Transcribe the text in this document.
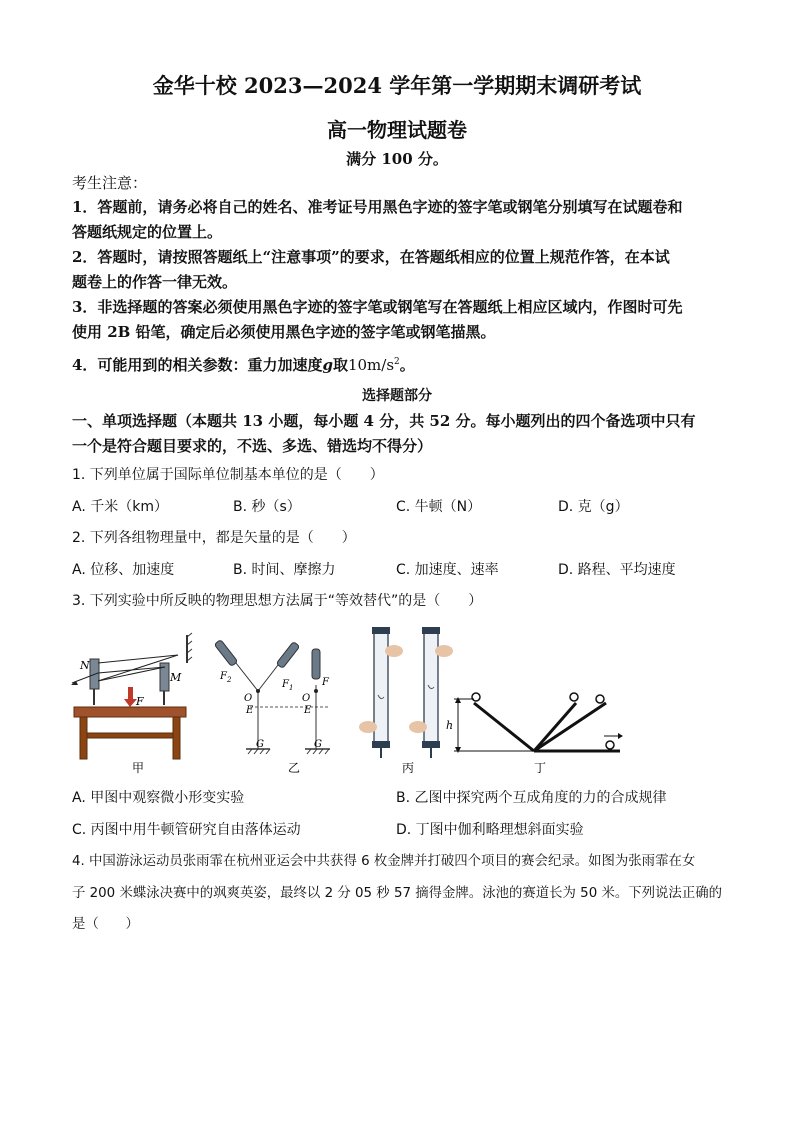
金华十校 2023—2024 学年第一学期期末调研考试
高一物理试题卷
满分 100 分。
考生注意：
1．答题前，请务必将自己的姓名、准考证号用黑色字迹的签字笔或钢笔分别填写在试题卷和
答题纸规定的位置上。
2．答题时，请按照答题纸上“注意事项”的要求，在答题纸相应的位置上规范作答，在本试
题卷上的作答一律无效。
3．非选择题的答案必须使用黑色字迹的签字笔或钢笔写在答题纸上相应区域内，作图时可先
使用 2B 铅笔，确定后必须使用黑色字迹的签字笔或钢笔描黑。
4．可能用到的相关参数：重力加速度g取$10m/s^2$。
选择题部分
一、单项选择题（本题共 13 小题，每小题 4 分，共 52 分。每小题列出的四个备选项中只有
一个是符合题目要求的，不选、多选、错选均不得分）
1. 下列单位属于国际单位制基本单位的是（　　）
A. 千米（km）	B. 秒（s）	C. 牛顿（N）	D. 克（g）
2. 下列各组物理量中，都是矢量的是（　　）
A. 位移、加速度	B. 时间、摩擦力	C. 加速度、速率	D. 路程、平均速度
3. 下列实验中所反映的物理思想方法属于“等效替代”的是（　　）
N
M
F
甲
$F_2$	$F_1$	F
O
E
O
E
G	G
乙	丙
h
丁
A. 甲图中观察微小形变实验	B. 乙图中探究两个互成角度的力的合成规律
C. 丙图中用牛顿管研究自由落体运动	D. 丁图中伽利略理想斜面实验
4. 中国游泳运动员张雨霏在杭州亚运会中共获得 6 枚金牌并打破四个项目的赛会纪录。如图为张雨霏在女
子 200 米蝶泳决赛中的飒爽英姿，最终以 2 分 05 秒 57 摘得金牌。泳池的赛道长为 50 米。下列说法正确的
是（　　）
